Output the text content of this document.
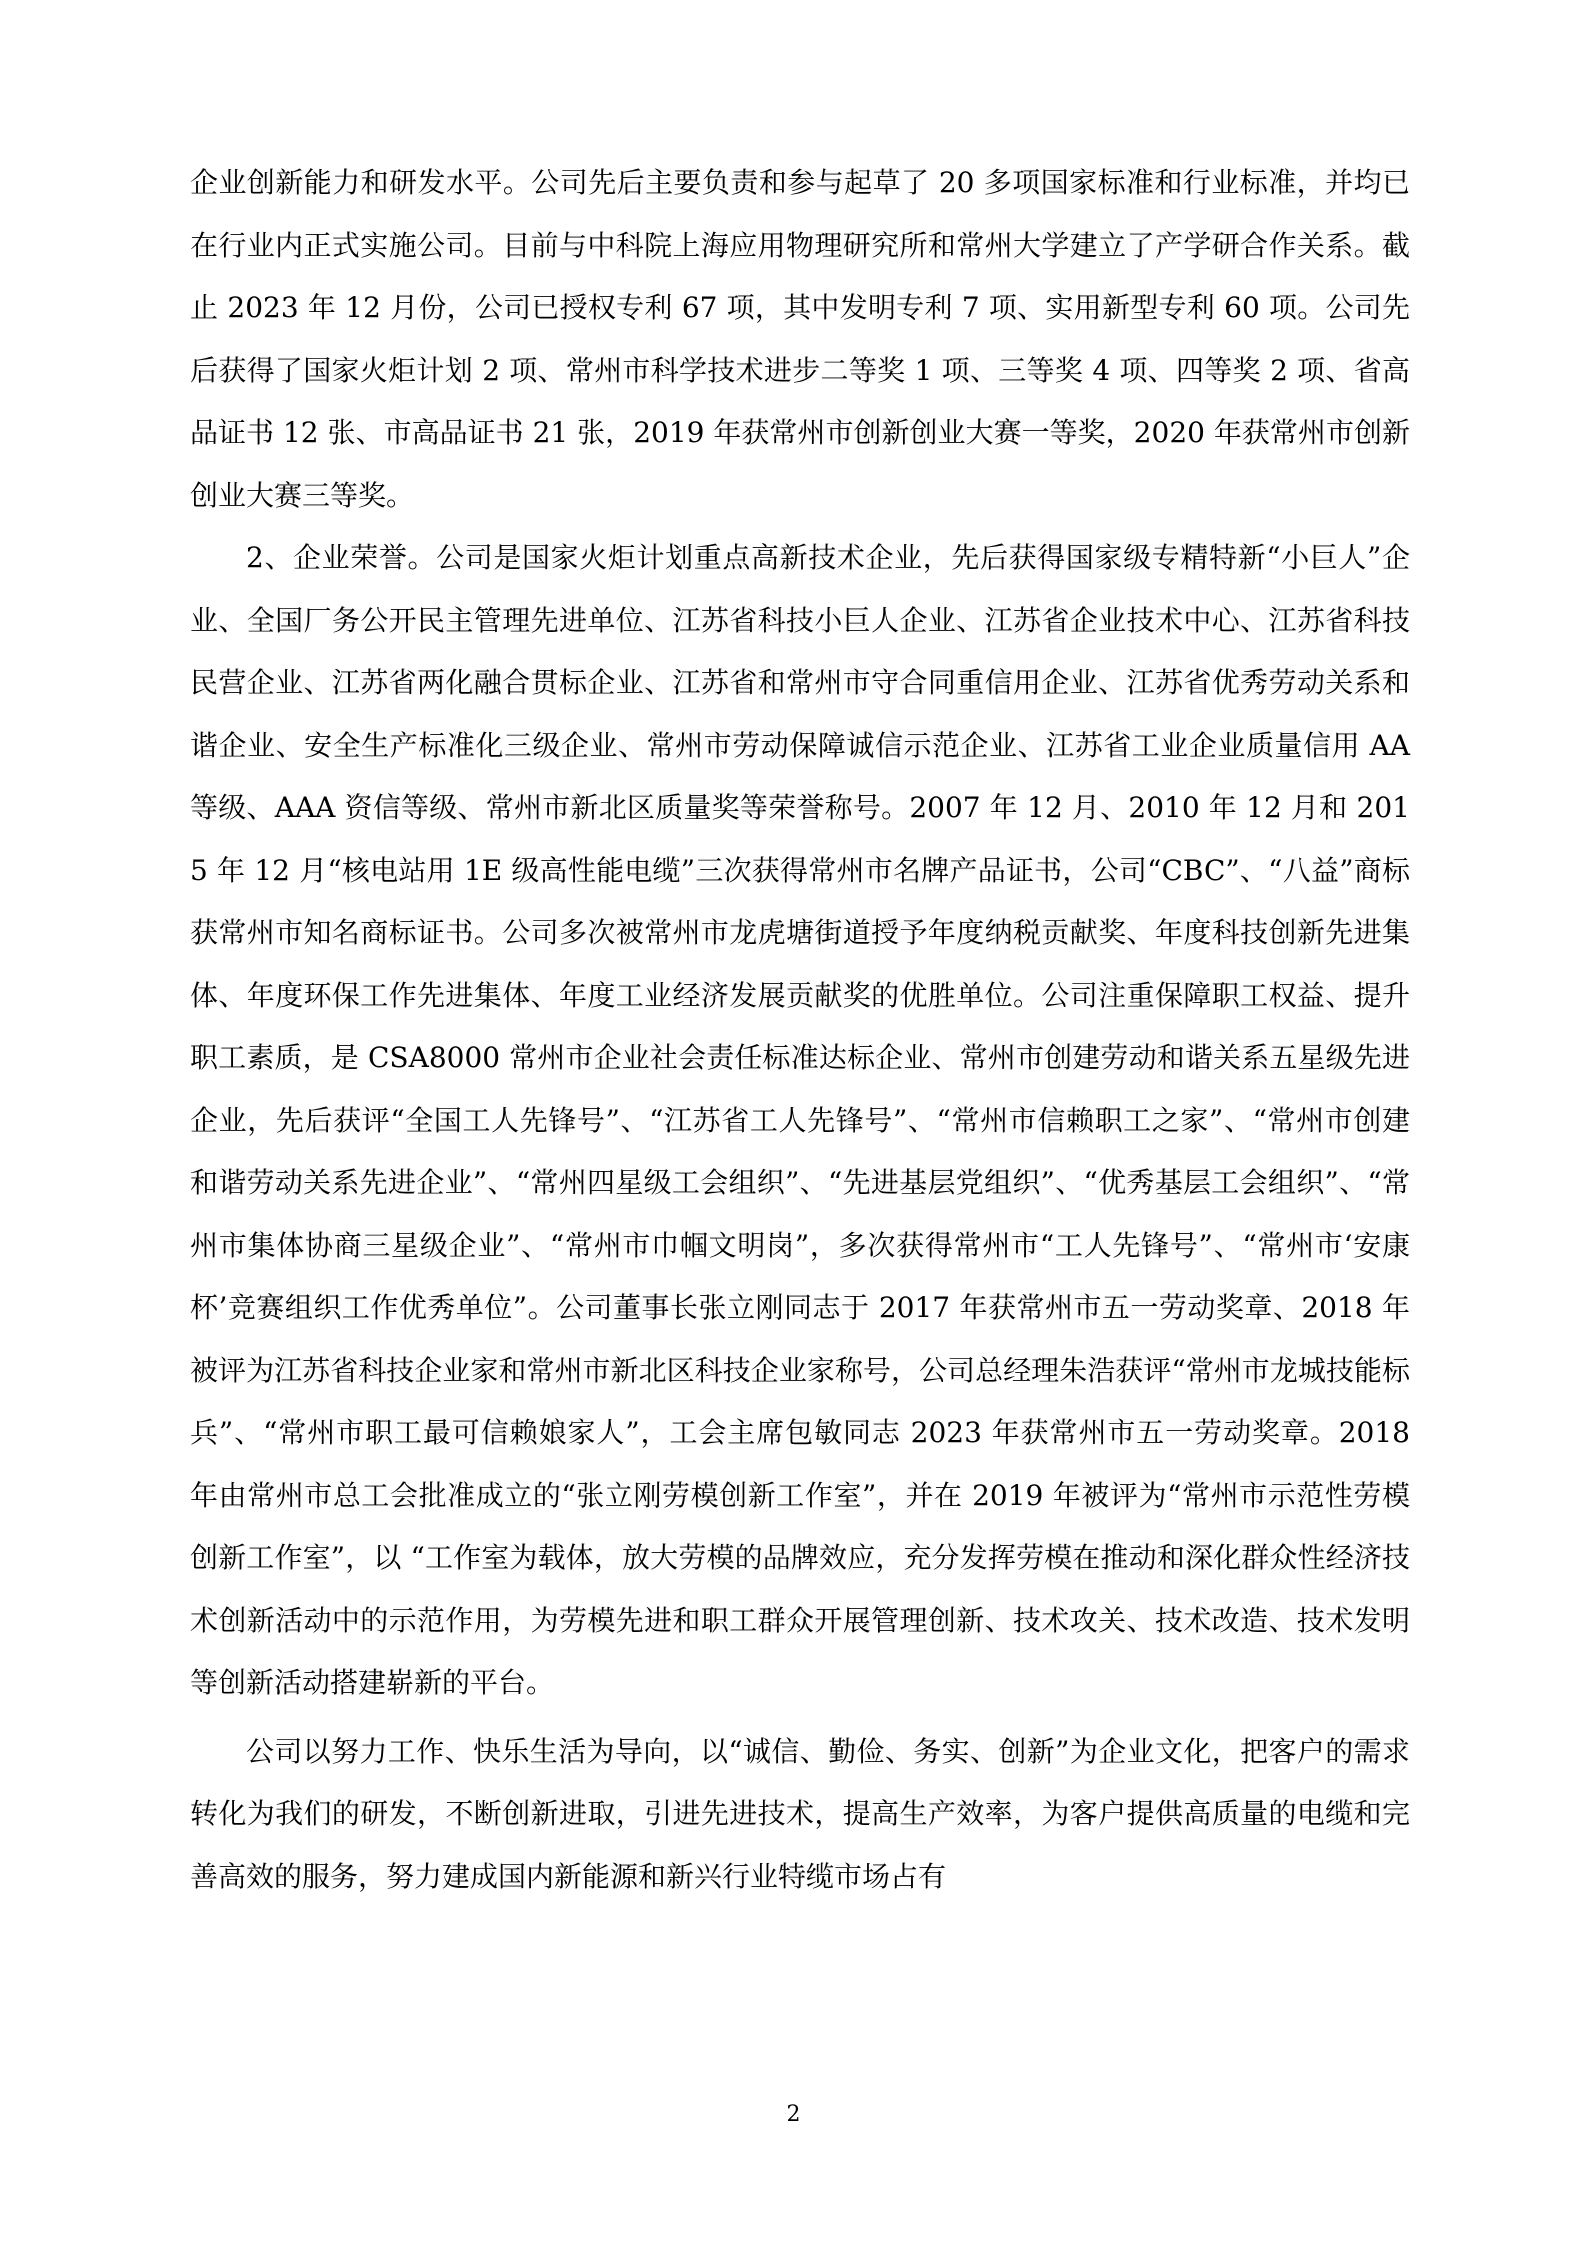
企业创新能力和研发水平。公司先后主要负责和参与起草了 20 多项国家标准和行业标准，并均已在行业内正式实施公司。目前与中科院上海应用物理研究所和常州大学建立了产学研合作关系。截止 2023 年 12 月份，公司已授权专利 67 项，其中发明专利 7 项、实用新型专利 60 项。公司先后获得了国家火炬计划 2 项、常州市科学技术进步二等奖 1 项、三等奖 4 项、四等奖 2 项、省高品证书 12 张、市高品证书 21 张，2019 年获常州市创新创业大赛一等奖，2020 年获常州市创新创业大赛三等奖。

2、企业荣誉。公司是国家火炬计划重点高新技术企业，先后获得国家级专精特新“小巨人”企业、全国厂务公开民主管理先进单位、江苏省科技小巨人企业、江苏省企业技术中心、江苏省科技民营企业、江苏省两化融合贯标企业、江苏省和常州市守合同重信用企业、江苏省优秀劳动关系和谐企业、安全生产标准化三级企业、常州市劳动保障诚信示范企业、江苏省工业企业质量信用 AA 等级、AAA 资信等级、常州市新北区质量奖等荣誉称号。2007 年 12 月、2010 年 12 月和 2015 年 12 月“核电站用 1E 级高性能电缆”三次获得常州市名牌产品证书，公司“CBC”、“八益”商标获常州市知名商标证书。公司多次被常州市龙虎塘街道授予年度纳税贡献奖、年度科技创新先进集体、年度环保工作先进集体、年度工业经济发展贡献奖的优胜单位。公司注重保障职工权益、提升职工素质，是 CSA8000 常州市企业社会责任标准达标企业、常州市创建劳动和谐关系五星级先进企业，先后获评“全国工人先锋号”、“江苏省工人先锋号”、“常州市信赖职工之家”、“常州市创建和谐劳动关系先进企业”、“常州四星级工会组织”、“先进基层党组织”、“优秀基层工会组织”、“常州市集体协商三星级企业”、“常州市巾帼文明岗”，多次获得常州市“工人先锋号”、“常州市‘安康杯’竞赛组织工作优秀单位”。公司董事长张立刚同志于 2017 年获常州市五一劳动奖章、2018 年被评为江苏省科技企业家和常州市新北区科技企业家称号，公司总经理朱浩获评“常州市龙城技能标兵”、“常州市职工最可信赖娘家人”，工会主席包敏同志 2023 年获常州市五一劳动奖章。2018 年由常州市总工会批准成立的“张立刚劳模创新工作室”，并在 2019 年被评为“常州市示范性劳模创新工作室”，以 “工作室为载体，放大劳模的品牌效应，充分发挥劳模在推动和深化群众性经济技术创新活动中的示范作用，为劳模先进和职工群众开展管理创新、技术攻关、技术改造、技术发明等创新活动搭建崭新的平台。

公司以努力工作、快乐生活为导向，以“诚信、勤俭、务实、创新”为企业文化，把客户的需求转化为我们的研发，不断创新进取，引进先进技术，提高生产效率，为客户提供高质量的电缆和完善高效的服务，努力建成国内新能源和新兴行业特缆市场占有

2
